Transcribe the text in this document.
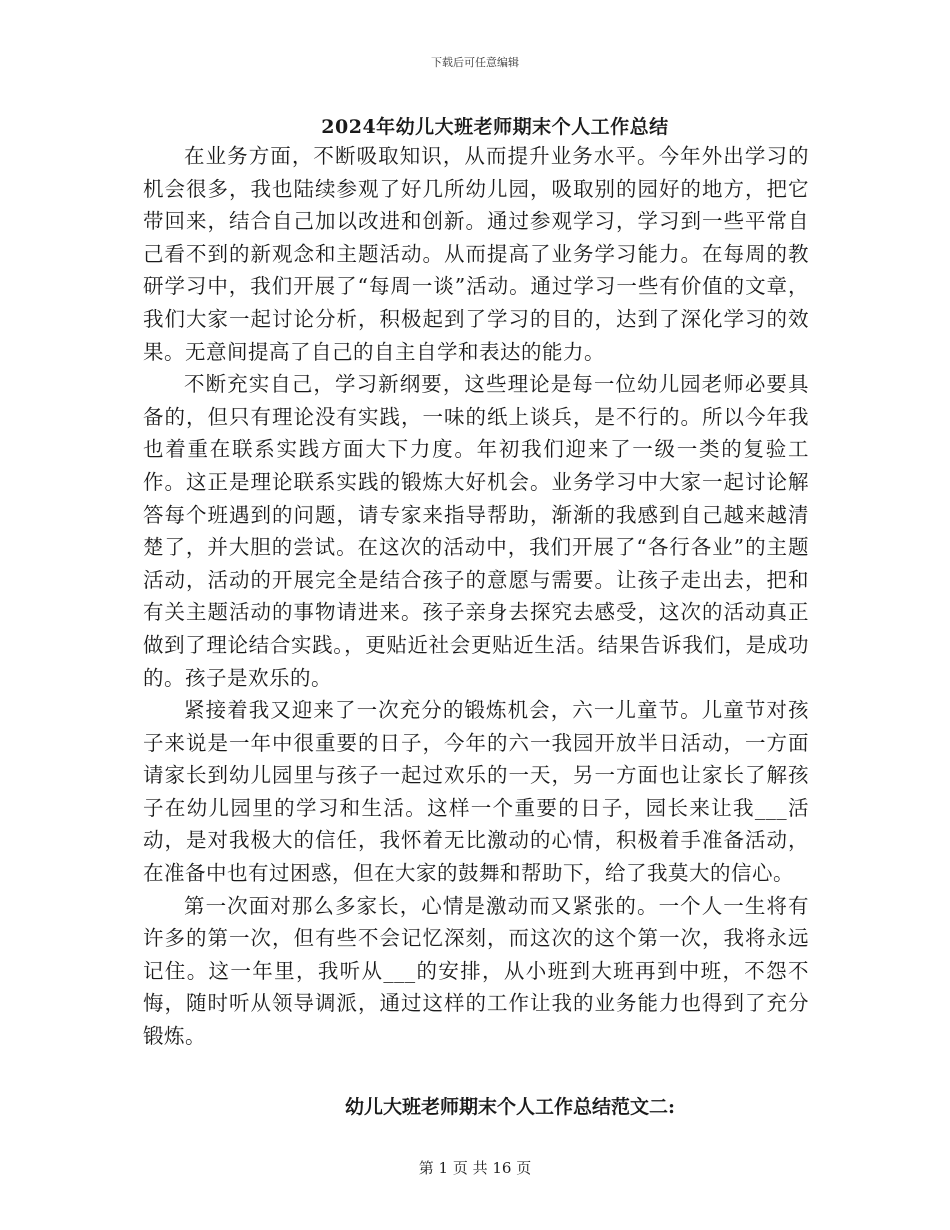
下载后可任意编辑
2024年幼儿大班老师期末个人工作总结

在业务方面，不断吸取知识，从而提升业务水平。今年外出学习的机会很多，我也陆续参观了好几所幼儿园，吸取别的园好的地方，把它带回来，结合自己加以改进和创新。通过参观学习，学习到一些平常自己看不到的新观念和主题活动。从而提高了业务学习能力。在每周的教研学习中，我们开展了“每周一谈”活动。通过学习一些有价值的文章，我们大家一起讨论分析，积极起到了学习的目的，达到了深化学习的效果。无意间提高了自己的自主自学和表达的能力。

不断充实自己，学习新纲要，这些理论是每一位幼儿园老师必要具备的，但只有理论没有实践，一味的纸上谈兵，是不行的。所以今年我也着重在联系实践方面大下力度。年初我们迎来了一级一类的复验工作。这正是理论联系实践的锻炼大好机会。业务学习中大家一起讨论解答每个班遇到的问题，请专家来指导帮助，渐渐的我感到自己越来越清楚了，并大胆的尝试。在这次的活动中，我们开展了“各行各业”的主题活动，活动的开展完全是结合孩子的意愿与需要。让孩子走出去，把和有关主题活动的事物请进来。孩子亲身去探究去感受，这次的活动真正做到了理论结合实践。，更贴近社会更贴近生活。结果告诉我们，是成功的。孩子是欢乐的。

紧接着我又迎来了一次充分的锻炼机会，六一儿童节。儿童节对孩子来说是一年中很重要的日子，今年的六一我园开放半日活动，一方面请家长到幼儿园里与孩子一起过欢乐的一天，另一方面也让家长了解孩子在幼儿园里的学习和生活。这样一个重要的日子，园长来让我___活动，是对我极大的信任，我怀着无比激动的心情，积极着手准备活动，在准备中也有过困惑，但在大家的鼓舞和帮助下，给了我莫大的信心。

第一次面对那么多家长，心情是激动而又紧张的。一个人一生将有许多的第一次，但有些不会记忆深刻，而这次的这个第一次，我将永远记住。这一年里，我听从___的安排，从小班到大班再到中班，不怨不悔，随时听从领导调派，通过这样的工作让我的业务能力也得到了充分锻炼。

幼儿大班老师期末个人工作总结范文二:
第 1 页 共 16 页
